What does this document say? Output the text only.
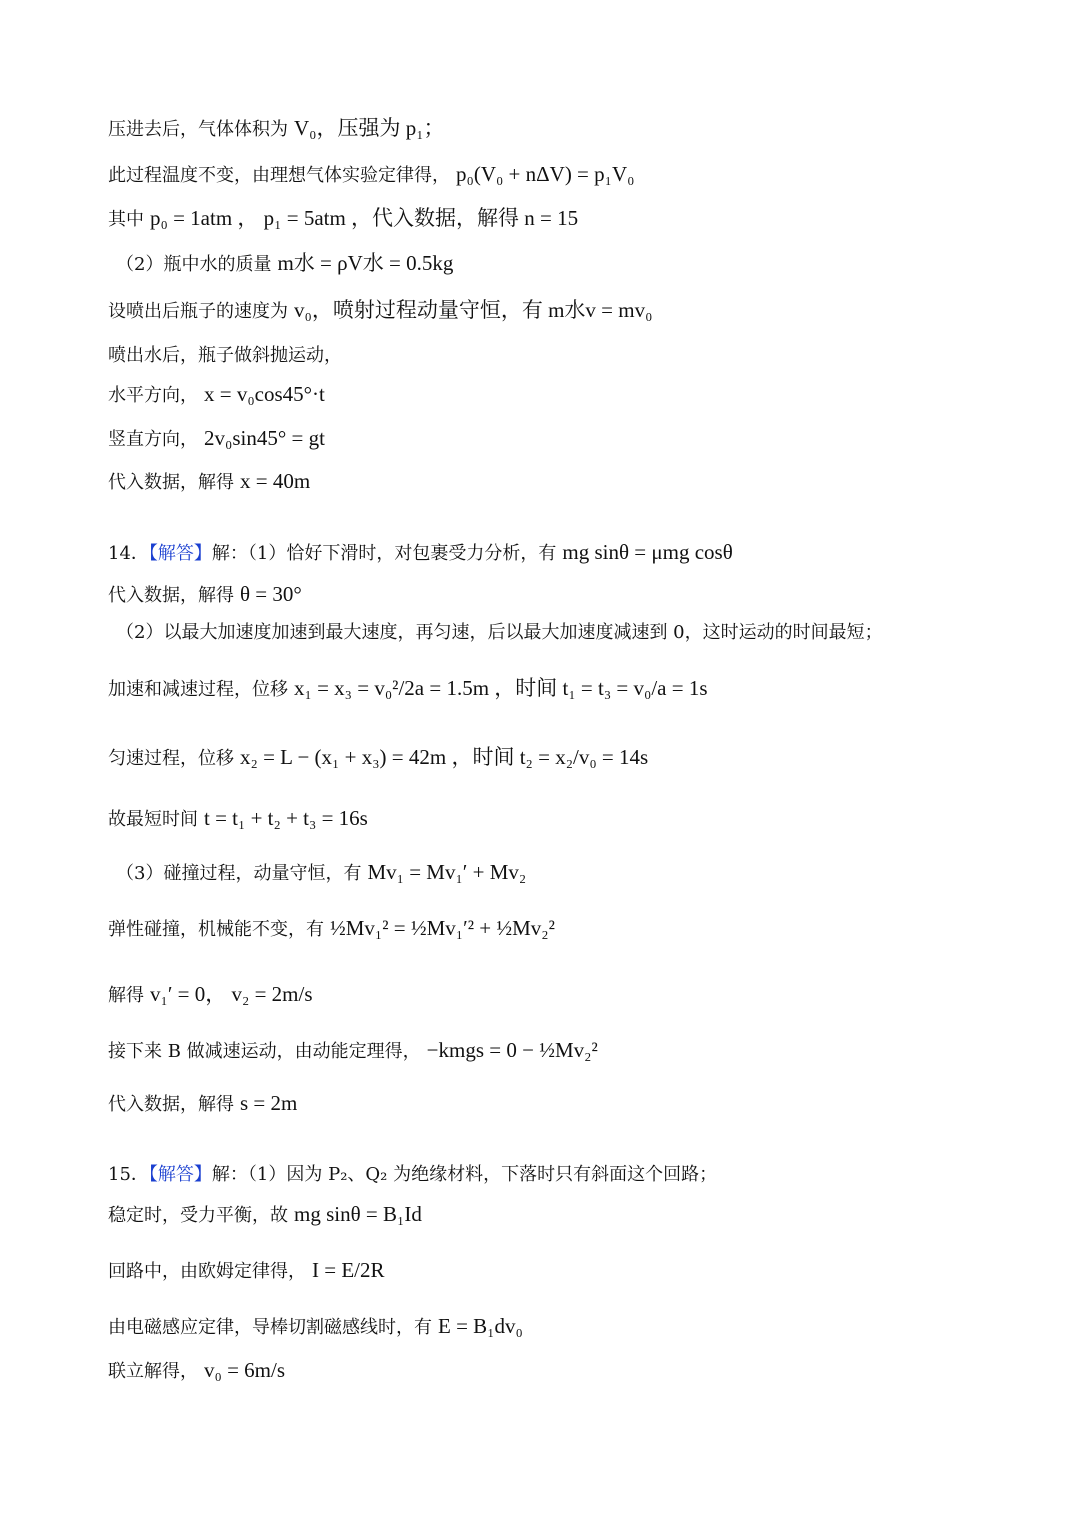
压进去后，气体体积为 V₀，压强为 p₁；
此过程温度不变，由理想气体实验定律得， p₀(V₀ + nΔV) = p₁V₀
其中 p₀ = 1atm ， p₁ = 5atm ，代入数据，解得 n = 15
（2）瓶中水的质量 m水 = ρV水 = 0.5kg
设喷出后瓶子的速度为 v₀，喷射过程动量守恒，有 m水v = mv₀
喷出水后，瓶子做斜抛运动，
水平方向， x = v₀cos45°·t
竖直方向， 2v₀sin45° = gt
代入数据，解得 x = 40m
14．【解答】解：（1）恰好下滑时，对包裹受力分析，有 mg sinθ = μmg cosθ
代入数据，解得 θ = 30°
（2）以最大加速度加速到最大速度，再匀速，后以最大加速度减速到 0，这时运动的时间最短；
加速和减速过程，位移 x₁ = x₃ = v₀²/2a = 1.5m ，时间 t₁ = t₃ = v₀/a = 1s
匀速过程，位移 x₂ = L − (x₁ + x₃) = 42m ，时间 t₂ = x₂/v₀ = 14s
故最短时间 t = t₁ + t₂ + t₃ = 16s
（3）碰撞过程，动量守恒，有 Mv₁ = Mv₁′ + Mv₂
弹性碰撞，机械能不变，有 ½Mv₁² = ½Mv₁′² + ½Mv₂²
解得 v₁′ = 0， v₂ = 2m/s
接下来 B 做减速运动，由动能定理得， −kmgs = 0 − ½Mv₂²
代入数据，解得 s = 2m
15．【解答】解：（1）因为 P₂、Q₂ 为绝缘材料，下落时只有斜面这个回路；
稳定时，受力平衡，故 mg sinθ = B₁Id
回路中，由欧姆定律得， I = E/2R
由电磁感应定律，导棒切割磁感线时，有 E = B₁dv₀
联立解得， v₀ = 6m/s
